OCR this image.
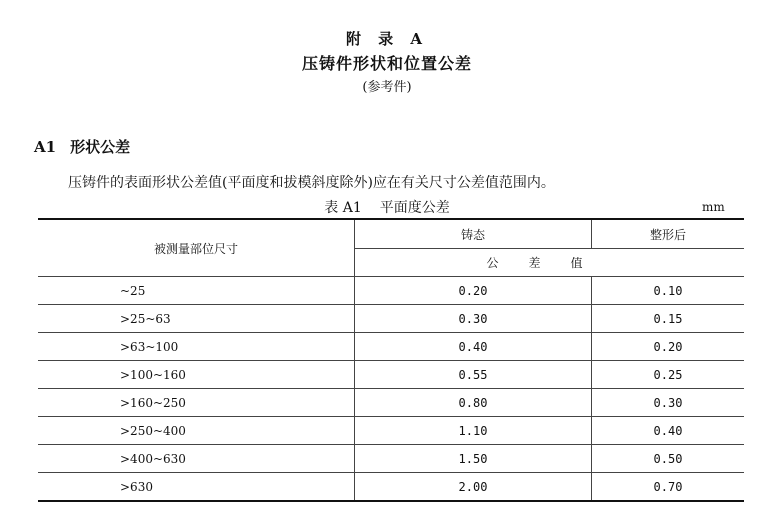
附 录 A
压铸件形状和位置公差
(参考件)
A1 形状公差
压铸件的表面形状公差值(平面度和拔模斜度除外)应在有关尺寸公差值范围内。
表 A1 平面度公差	mm
被测量部位尺寸	铸态	整形后
	公差值	
~25	0.20	0.10
>25~63	0.30	0.15
>63~100	0.40	0.20
>100~160	0.55	0.25
>160~250	0.80	0.30
>250~400	1.10	0.40
>400~630	1.50	0.50
>630	2.00	0.70
